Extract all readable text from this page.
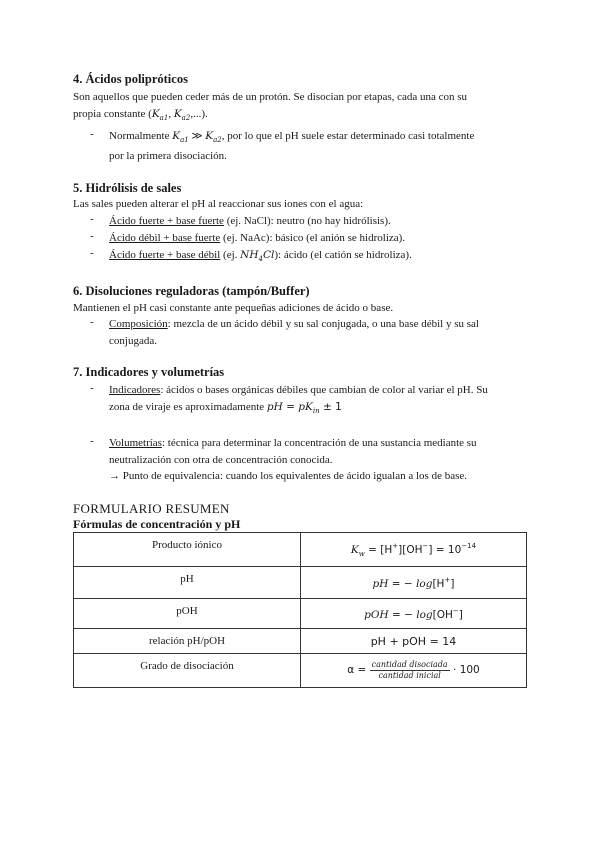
4. Ácidos polipróticos
Son aquellos que pueden ceder más de un protón. Se disocian por etapas, cada una con su
propia constante ($K_{a1}$, $K_{a2}$,...).
- Normalmente $K_{a1}$ ≫ $K_{a2}$, por lo que el pH suele estar determinado casi totalmente
por la primera disociación.
5. Hidrólisis de sales
Las sales pueden alterar el pH al reaccionar sus iones con el agua:
- Ácido fuerte + base fuerte (ej. NaCl): neutro (no hay hidrólisis).
- Ácido débil + base fuerte (ej. NaAc): básico (el anión se hidroliza).
- Ácido fuerte + base débil (ej. $NH_4Cl$): ácido (el catión se hidroliza).
6. Disoluciones reguladoras (tampón/Buffer)
Mantienen el pH casi constante ante pequeñas adiciones de ácido o base.
- Composición: mezcla de un ácido débil y su sal conjugada, o una base débil y su sal
conjugada.
7. Indicadores y volumetrías
- Indicadores: ácidos o bases orgánicas débiles que cambian de color al variar el pH. Su
zona de viraje es aproximadamente pH = $pK_{in} \pm 1$
- Volumetrías: técnica para determinar la concentración de una sustancia mediante su
neutralización con otra de concentración conocida.
→ Punto de equivalencia: cuando los equivalentes de ácido igualan a los de base.
FORMULARIO RESUMEN
Fórmulas de concentración y pH
Producto iónico	$K_w = [H^+][OH^-] = 10^{-14}$
pH	pH = − log[H+]
pOH	pOH = − log[OH−]
relación pH/pOH	pH + pOH = 14
Grado de disociación	$\alpha = \frac{\text{cantidad disociada}}{\text{cantidad inicial}} \cdot 100$
